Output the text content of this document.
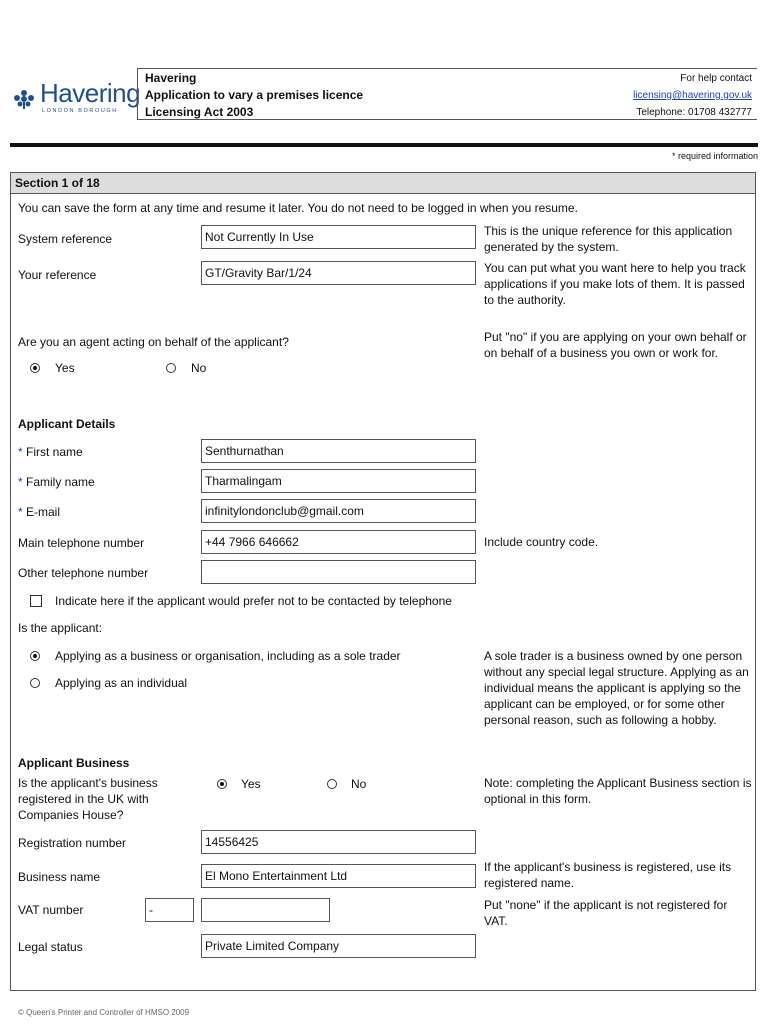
Havering
LONDON BOROUGH
Havering
Application to vary a premises licence
Licensing Act 2003
For help contact
licensing@havering.gov.uk
Telephone: 01708 432777
* required information
Section 1 of 18
You can save the form at any time and resume it later. You do not need to be logged in when you resume.
System reference	Not Currently In Use	This is the unique reference for this application generated by the system.
Your reference	GT/Gravity Bar/1/24	You can put what you want here to help you track applications if you make lots of them. It is passed to the authority.
Are you an agent acting on behalf of the applicant?	Put "no" if you are applying on your own behalf or on behalf of a business you own or work for.
Yes	No
Applicant Details
* First name	Senthurnathan
* Family name	Tharmalingam
* E-mail	infinitylondonclub@gmail.com
Main telephone number	+44 7966 646662	Include country code.
Other telephone number
Indicate here if the applicant would prefer not to be contacted by telephone
Is the applicant:
Applying as a business or organisation, including as a sole trader
Applying as an individual
A sole trader is a business owned by one person without any special legal structure. Applying as an individual means the applicant is applying so the applicant can be employed, or for some other personal reason, such as following a hobby.
Applicant Business
Is the applicant's business registered in the UK with Companies House?
Yes	No	Note: completing the Applicant Business section is optional in this form.
Registration number	14556425
Business name	El Mono Entertainment Ltd
If the applicant's business is registered, use its registered name.
VAT number	-	Put "none" if the applicant is not registered for VAT.
Legal status	Private Limited Company
© Queen's Printer and Controller of HMSO 2009
